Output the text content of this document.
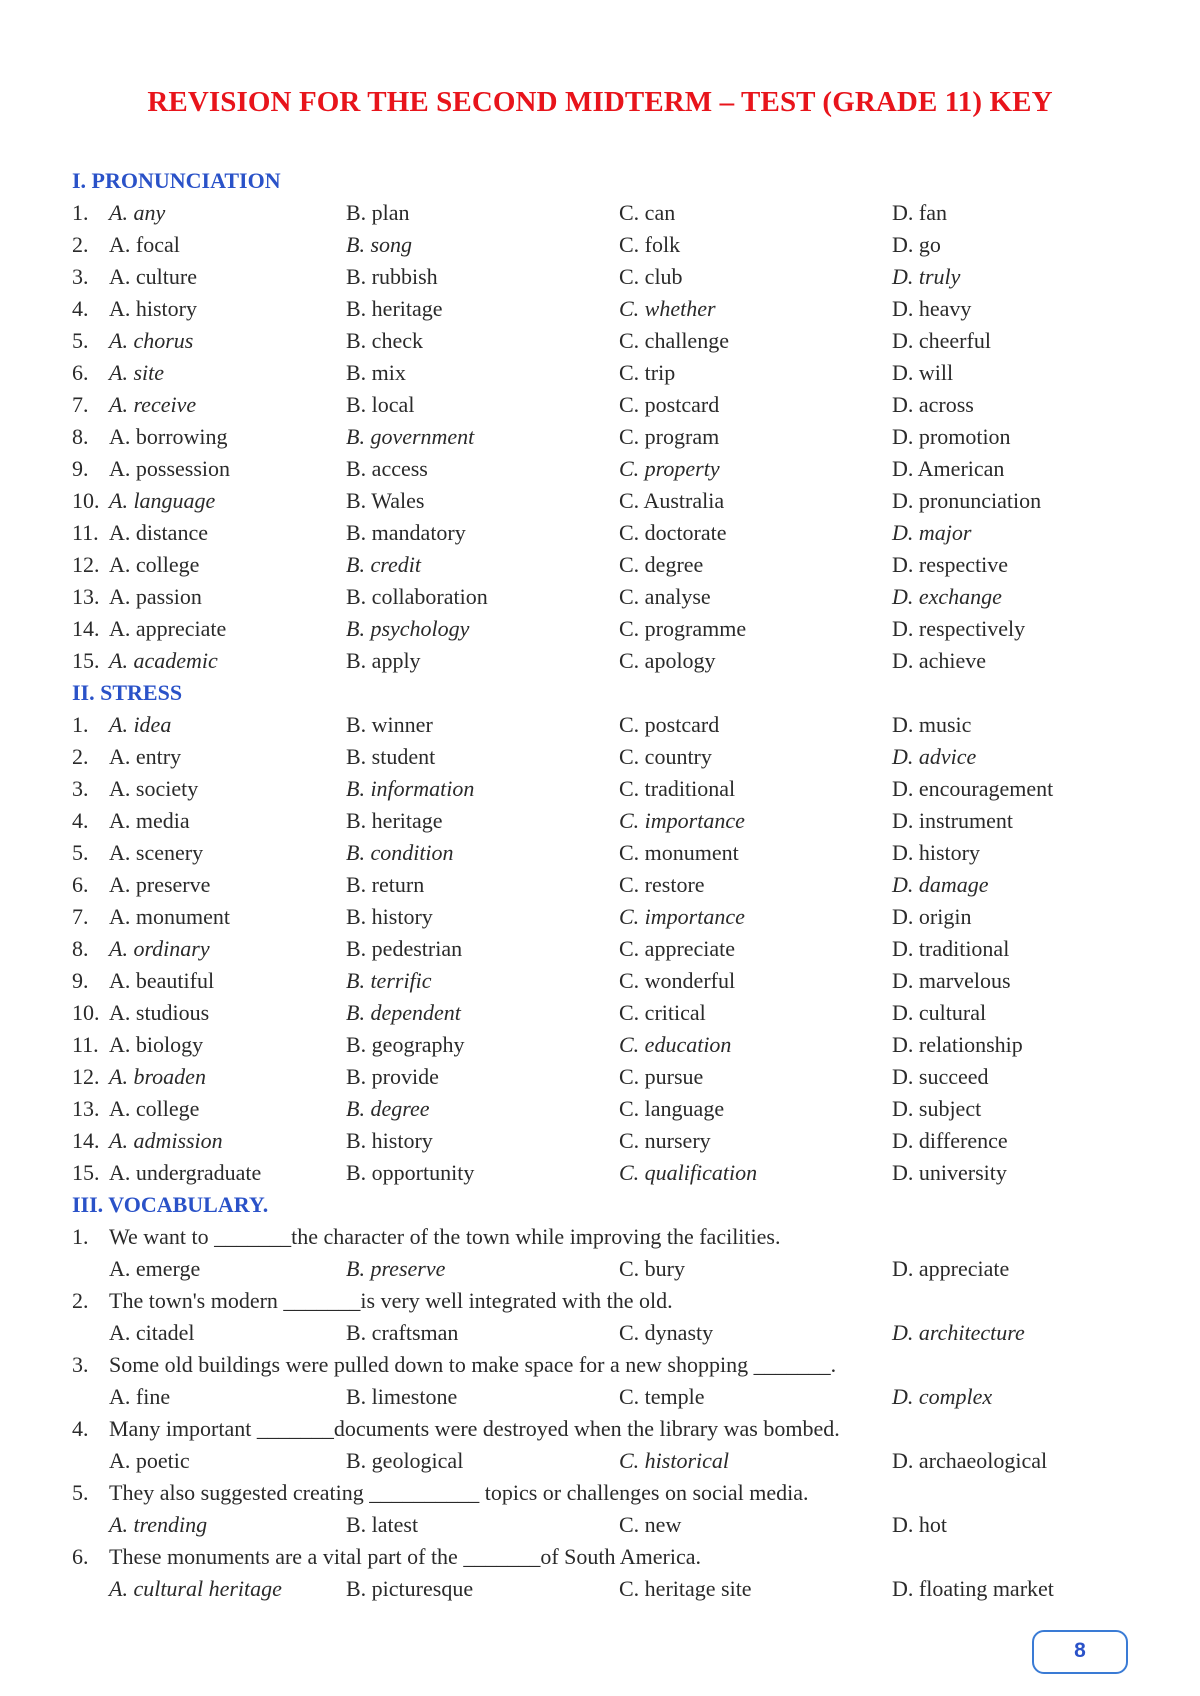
REVISION FOR THE SECOND MIDTERM – TEST (GRADE 11) KEY
I. PRONUNCIATION
1. A. any	B. plan	C. can	D. fan
2. A. focal	B. song	C. folk	D. go
3. A. culture	B. rubbish	C. club	D. truly
4. A. history	B. heritage	C. whether	D. heavy
5. A. chorus	B. check	C. challenge	D. cheerful
6. A. site	B. mix	C. trip	D. will
7. A. receive	B. local	C. postcard	D. across
8. A. borrowing	B. government	C. program	D. promotion
9. A. possession	B. access	C. property	D. American
10. A. language	B. Wales	C. Australia	D. pronunciation
11. A. distance	B. mandatory	C. doctorate	D. major
12. A. college	B. credit	C. degree	D. respective
13. A. passion	B. collaboration	C. analyse	D. exchange
14. A. appreciate	B. psychology	C. programme	D. respectively
15. A. academic	B. apply	C. apology	D. achieve
II. STRESS
1. A. idea	B. winner	C. postcard	D. music
2. A. entry	B. student	C. country	D. advice
3. A. society	B. information	C. traditional	D. encouragement
4. A. media	B. heritage	C. importance	D. instrument
5. A. scenery	B. condition	C. monument	D. history
6. A. preserve	B. return	C. restore	D. damage
7. A. monument	B. history	C. importance	D. origin
8. A. ordinary	B. pedestrian	C. appreciate	D. traditional
9. A. beautiful	B. terrific	C. wonderful	D. marvelous
10. A. studious	B. dependent	C. critical	D. cultural
11. A. biology	B. geography	C. education	D. relationship
12. A. broaden	B. provide	C. pursue	D. succeed
13. A. college	B. degree	C. language	D. subject
14. A. admission	B. history	C. nursery	D. difference
15. A. undergraduate	B. opportunity	C. qualification	D. university
III. VOCABULARY.
1. We want to _______the character of the town while improving the facilities.
A. emerge	B. preserve	C. bury	D. appreciate
2. The town's modern _______is very well integrated with the old.
A. citadel	B. craftsman	C. dynasty	D. architecture
3. Some old buildings were pulled down to make space for a new shopping _______.
A. fine	B. limestone	C. temple	D. complex
4. Many important _______documents were destroyed when the library was bombed.
A. poetic	B. geological	C. historical	D. archaeological
5. They also suggested creating __________ topics or challenges on social media.
A. trending	B. latest	C. new	D. hot
6. These monuments are a vital part of the _______of South America.
A. cultural heritage	B. picturesque	C. heritage site	D. floating market
8
